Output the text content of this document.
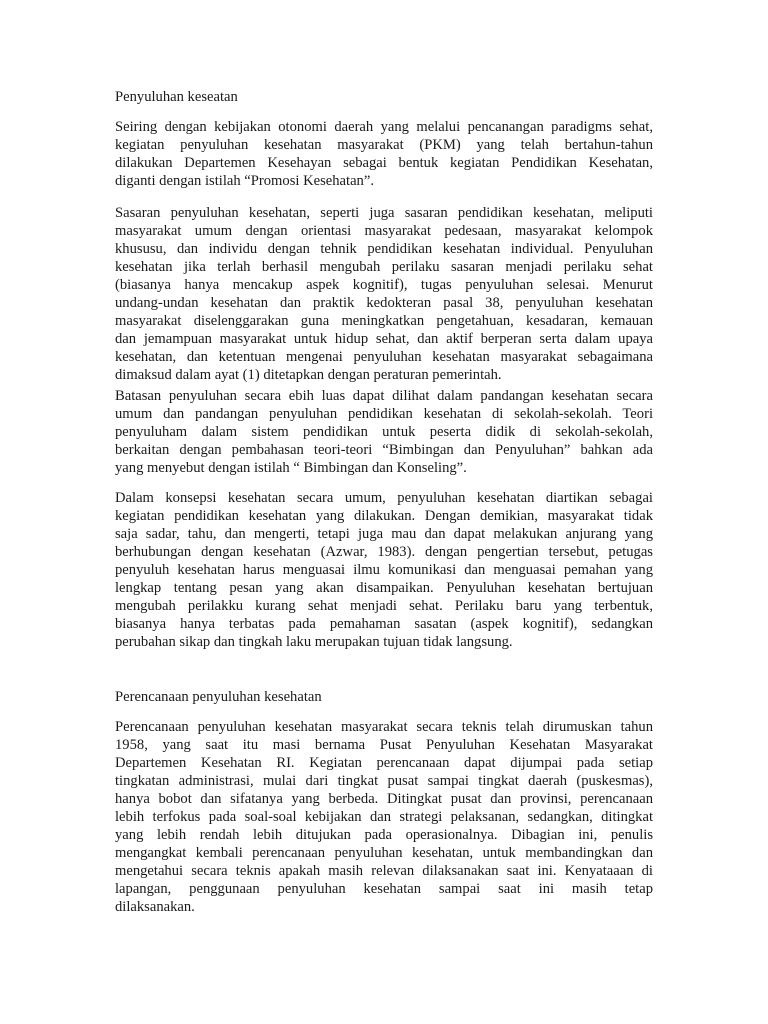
Penyuluhan keseatan
Seiring dengan kebijakan otonomi daerah yang melalui pencanangan paradigms sehat,
kegiatan penyuluhan kesehatan masyarakat (PKM) yang telah bertahun-tahun
dilakukan Departemen Kesehayan sebagai bentuk kegiatan Pendidikan Kesehatan,
diganti dengan istilah “Promosi Kesehatan”.
Sasaran penyuluhan kesehatan, seperti juga sasaran pendidikan kesehatan, meliputi
masyarakat umum dengan orientasi masyarakat pedesaan, masyarakat kelompok
khususu, dan individu dengan tehnik pendidikan kesehatan individual. Penyuluhan
kesehatan jika terlah berhasil mengubah perilaku sasaran menjadi perilaku sehat
(biasanya hanya mencakup aspek kognitif), tugas penyuluhan selesai. Menurut
undang-undan kesehatan dan praktik kedokteran pasal 38, penyuluhan kesehatan
masyarakat diselenggarakan guna meningkatkan pengetahuan, kesadaran, kemauan
dan jemampuan masyarakat untuk hidup sehat, dan aktif berperan serta dalam upaya
kesehatan, dan ketentuan mengenai penyuluhan kesehatan masyarakat sebagaimana
dimaksud dalam ayat (1) ditetapkan dengan peraturan pemerintah.
Batasan penyuluhan secara ebih luas dapat dilihat dalam pandangan kesehatan secara
umum dan pandangan penyuluhan pendidikan kesehatan di sekolah-sekolah. Teori
penyuluham dalam sistem pendidikan untuk peserta didik di sekolah-sekolah,
berkaitan dengan pembahasan teori-teori “Bimbingan dan Penyuluhan” bahkan ada
yang menyebut dengan istilah “ Bimbingan dan Konseling”.
Dalam konsepsi kesehatan secara umum, penyuluhan kesehatan diartikan sebagai
kegiatan pendidikan kesehatan yang dilakukan. Dengan demikian, masyarakat tidak
saja sadar, tahu, dan mengerti, tetapi juga mau dan dapat melakukan anjurang yang
berhubungan dengan kesehatan (Azwar, 1983). dengan pengertian tersebut, petugas
penyuluh kesehatan harus menguasai ilmu komunikasi dan menguasai pemahan yang
lengkap tentang pesan yang akan disampaikan. Penyuluhan kesehatan bertujuan
mengubah perilakku kurang sehat menjadi sehat. Perilaku baru yang terbentuk,
biasanya hanya terbatas pada pemahaman sasatan (aspek kognitif), sedangkan
perubahan sikap dan tingkah laku merupakan tujuan tidak langsung.
Perencanaan penyuluhan kesehatan
Perencanaan penyuluhan kesehatan masyarakat secara teknis telah dirumuskan tahun
1958, yang saat itu masi bernama Pusat Penyuluhan Kesehatan Masyarakat
Departemen Kesehatan RI. Kegiatan perencanaan dapat dijumpai pada setiap
tingkatan administrasi, mulai dari tingkat pusat sampai tingkat daerah (puskesmas),
hanya bobot dan sifatanya yang berbeda. Ditingkat pusat dan provinsi, perencanaan
lebih terfokus pada soal-soal kebijakan dan strategi pelaksanan, sedangkan, ditingkat
yang lebih rendah lebih ditujukan pada operasionalnya. Dibagian ini, penulis
mengangkat kembali perencanaan penyuluhan kesehatan, untuk membandingkan dan
mengetahui secara teknis apakah masih relevan dilaksanakan saat ini. Kenyataaan di
lapangan, penggunaan penyuluhan kesehatan sampai saat ini masih tetap
dilaksanakan.
